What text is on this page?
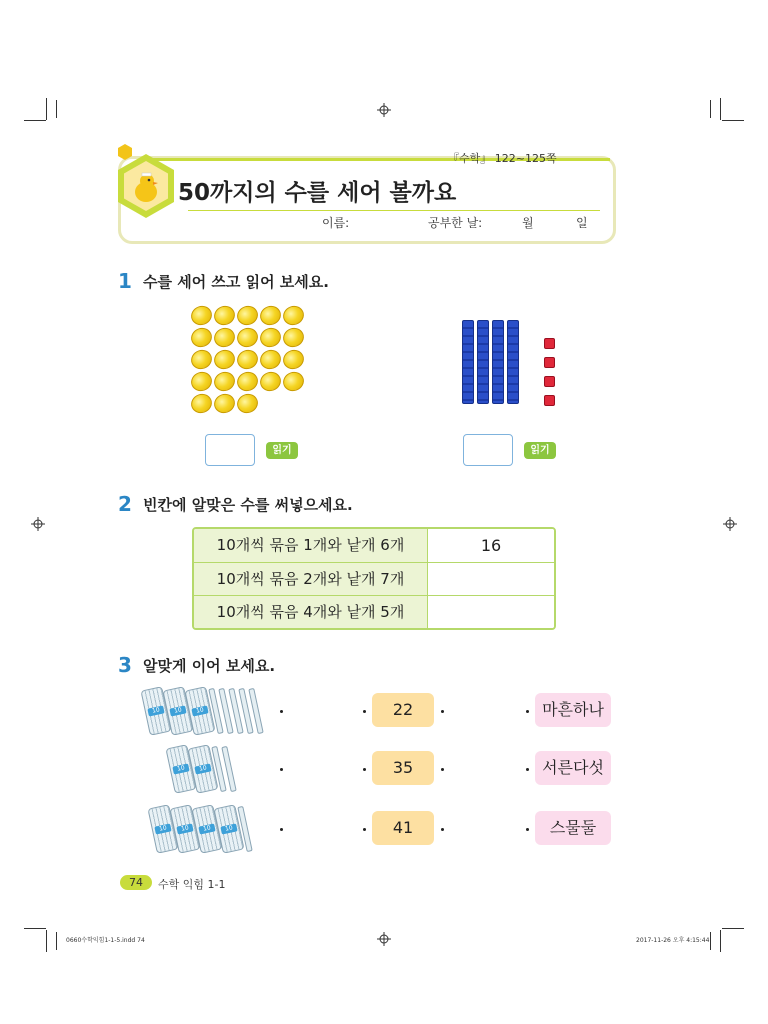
『수학』 122~125쪽
50까지의 수를 세어 볼까요
이름:	공부한 날:	월	일
1 수를 세어 쓰고 읽어 보세요.
읽기	읽기
2 빈칸에 알맞은 수를 써넣으세요.
10개씩 묶음 1개와 낱개 6개	16
10개씩 묶음 2개와 낱개 7개
10개씩 묶음 4개와 낱개 5개
3 알맞게 이어 보세요.
10	10	10
10	10
10	10	10	10
22
35
41
마흔하나
서른다섯
스물둘
74	수학 익힘 1-1
0660수학익힘1-1-5.indd 74	2017-11-26 오후 4:15:44
